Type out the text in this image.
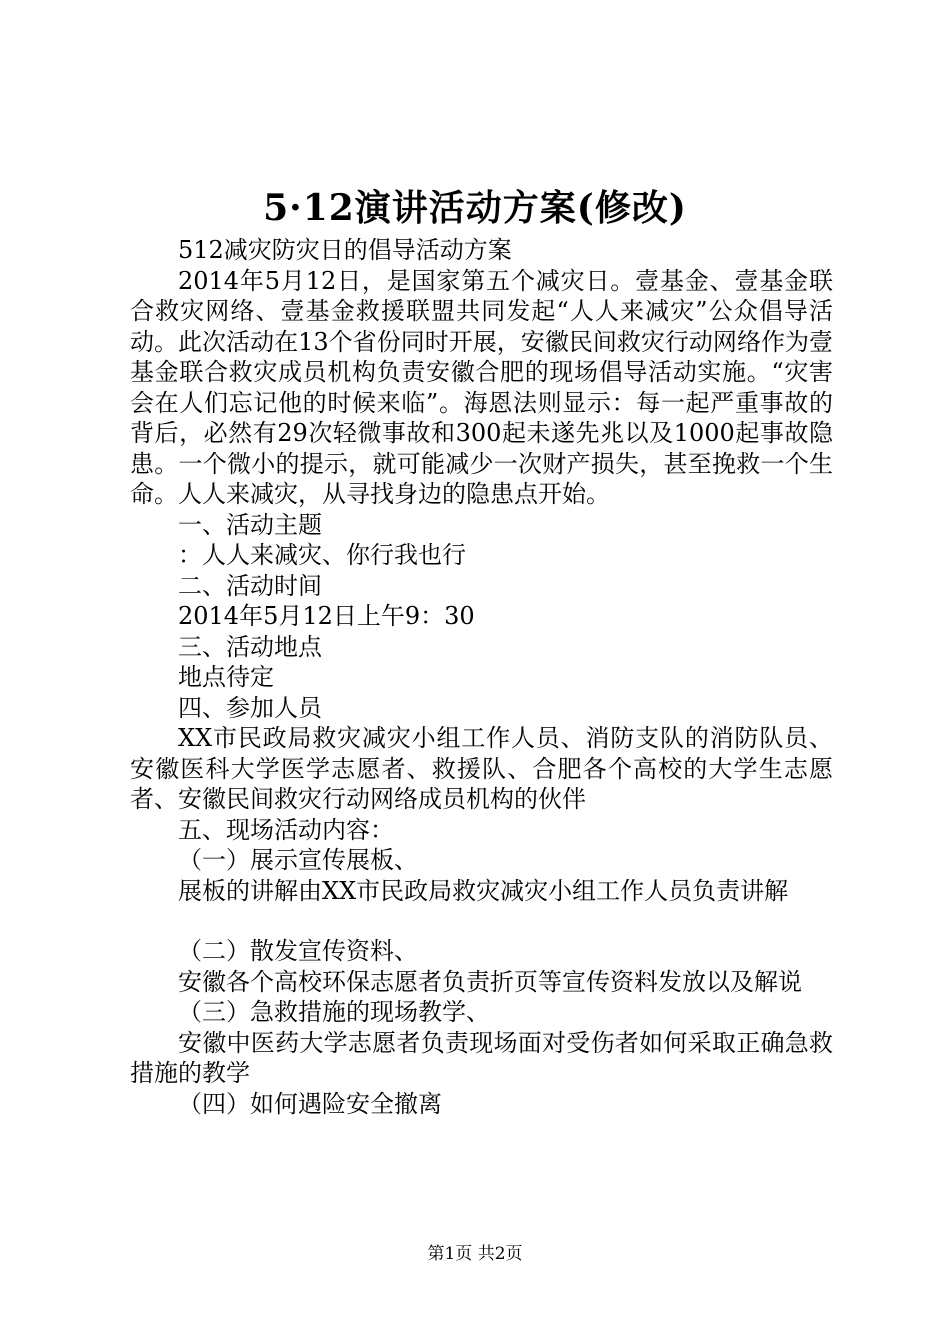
5·12演讲活动方案(修改)

512减灾防灾日的倡导活动方案

2014年5月12日，是国家第五个减灾日。壹基金、壹基金联合救灾网络、壹基金救援联盟共同发起“人人来减灾”公众倡导活动。此次活动在13个省份同时开展，安徽民间救灾行动网络作为壹基金联合救灾成员机构负责安徽合肥的现场倡导活动实施。“灾害会在人们忘记他的时候来临”。海恩法则显示：每一起严重事故的背后，必然有29次轻微事故和300起未遂先兆以及1000起事故隐患。一个微小的提示，就可能减少一次财产损失，甚至挽救一个生命。人人来减灾，从寻找身边的隐患点开始。

一、活动主题

：人人来减灾、你行我也行

二、活动时间

2014年5月12日上午9：30

三、活动地点

地点待定

四、参加人员

XX市民政局救灾减灾小组工作人员、消防支队的消防队员、安徽医科大学医学志愿者、救援队、合肥各个高校的大学生志愿者、安徽民间救灾行动网络成员机构的伙伴

五、现场活动内容：

（一）展示宣传展板、

展板的讲解由XX市民政局救灾减灾小组工作人员负责讲解

（二）散发宣传资料、

安徽各个高校环保志愿者负责折页等宣传资料发放以及解说

（三）急救措施的现场教学、

安徽中医药大学志愿者负责现场面对受伤者如何采取正确急救措施的教学

（四）如何遇险安全撤离

第1页 共2页
